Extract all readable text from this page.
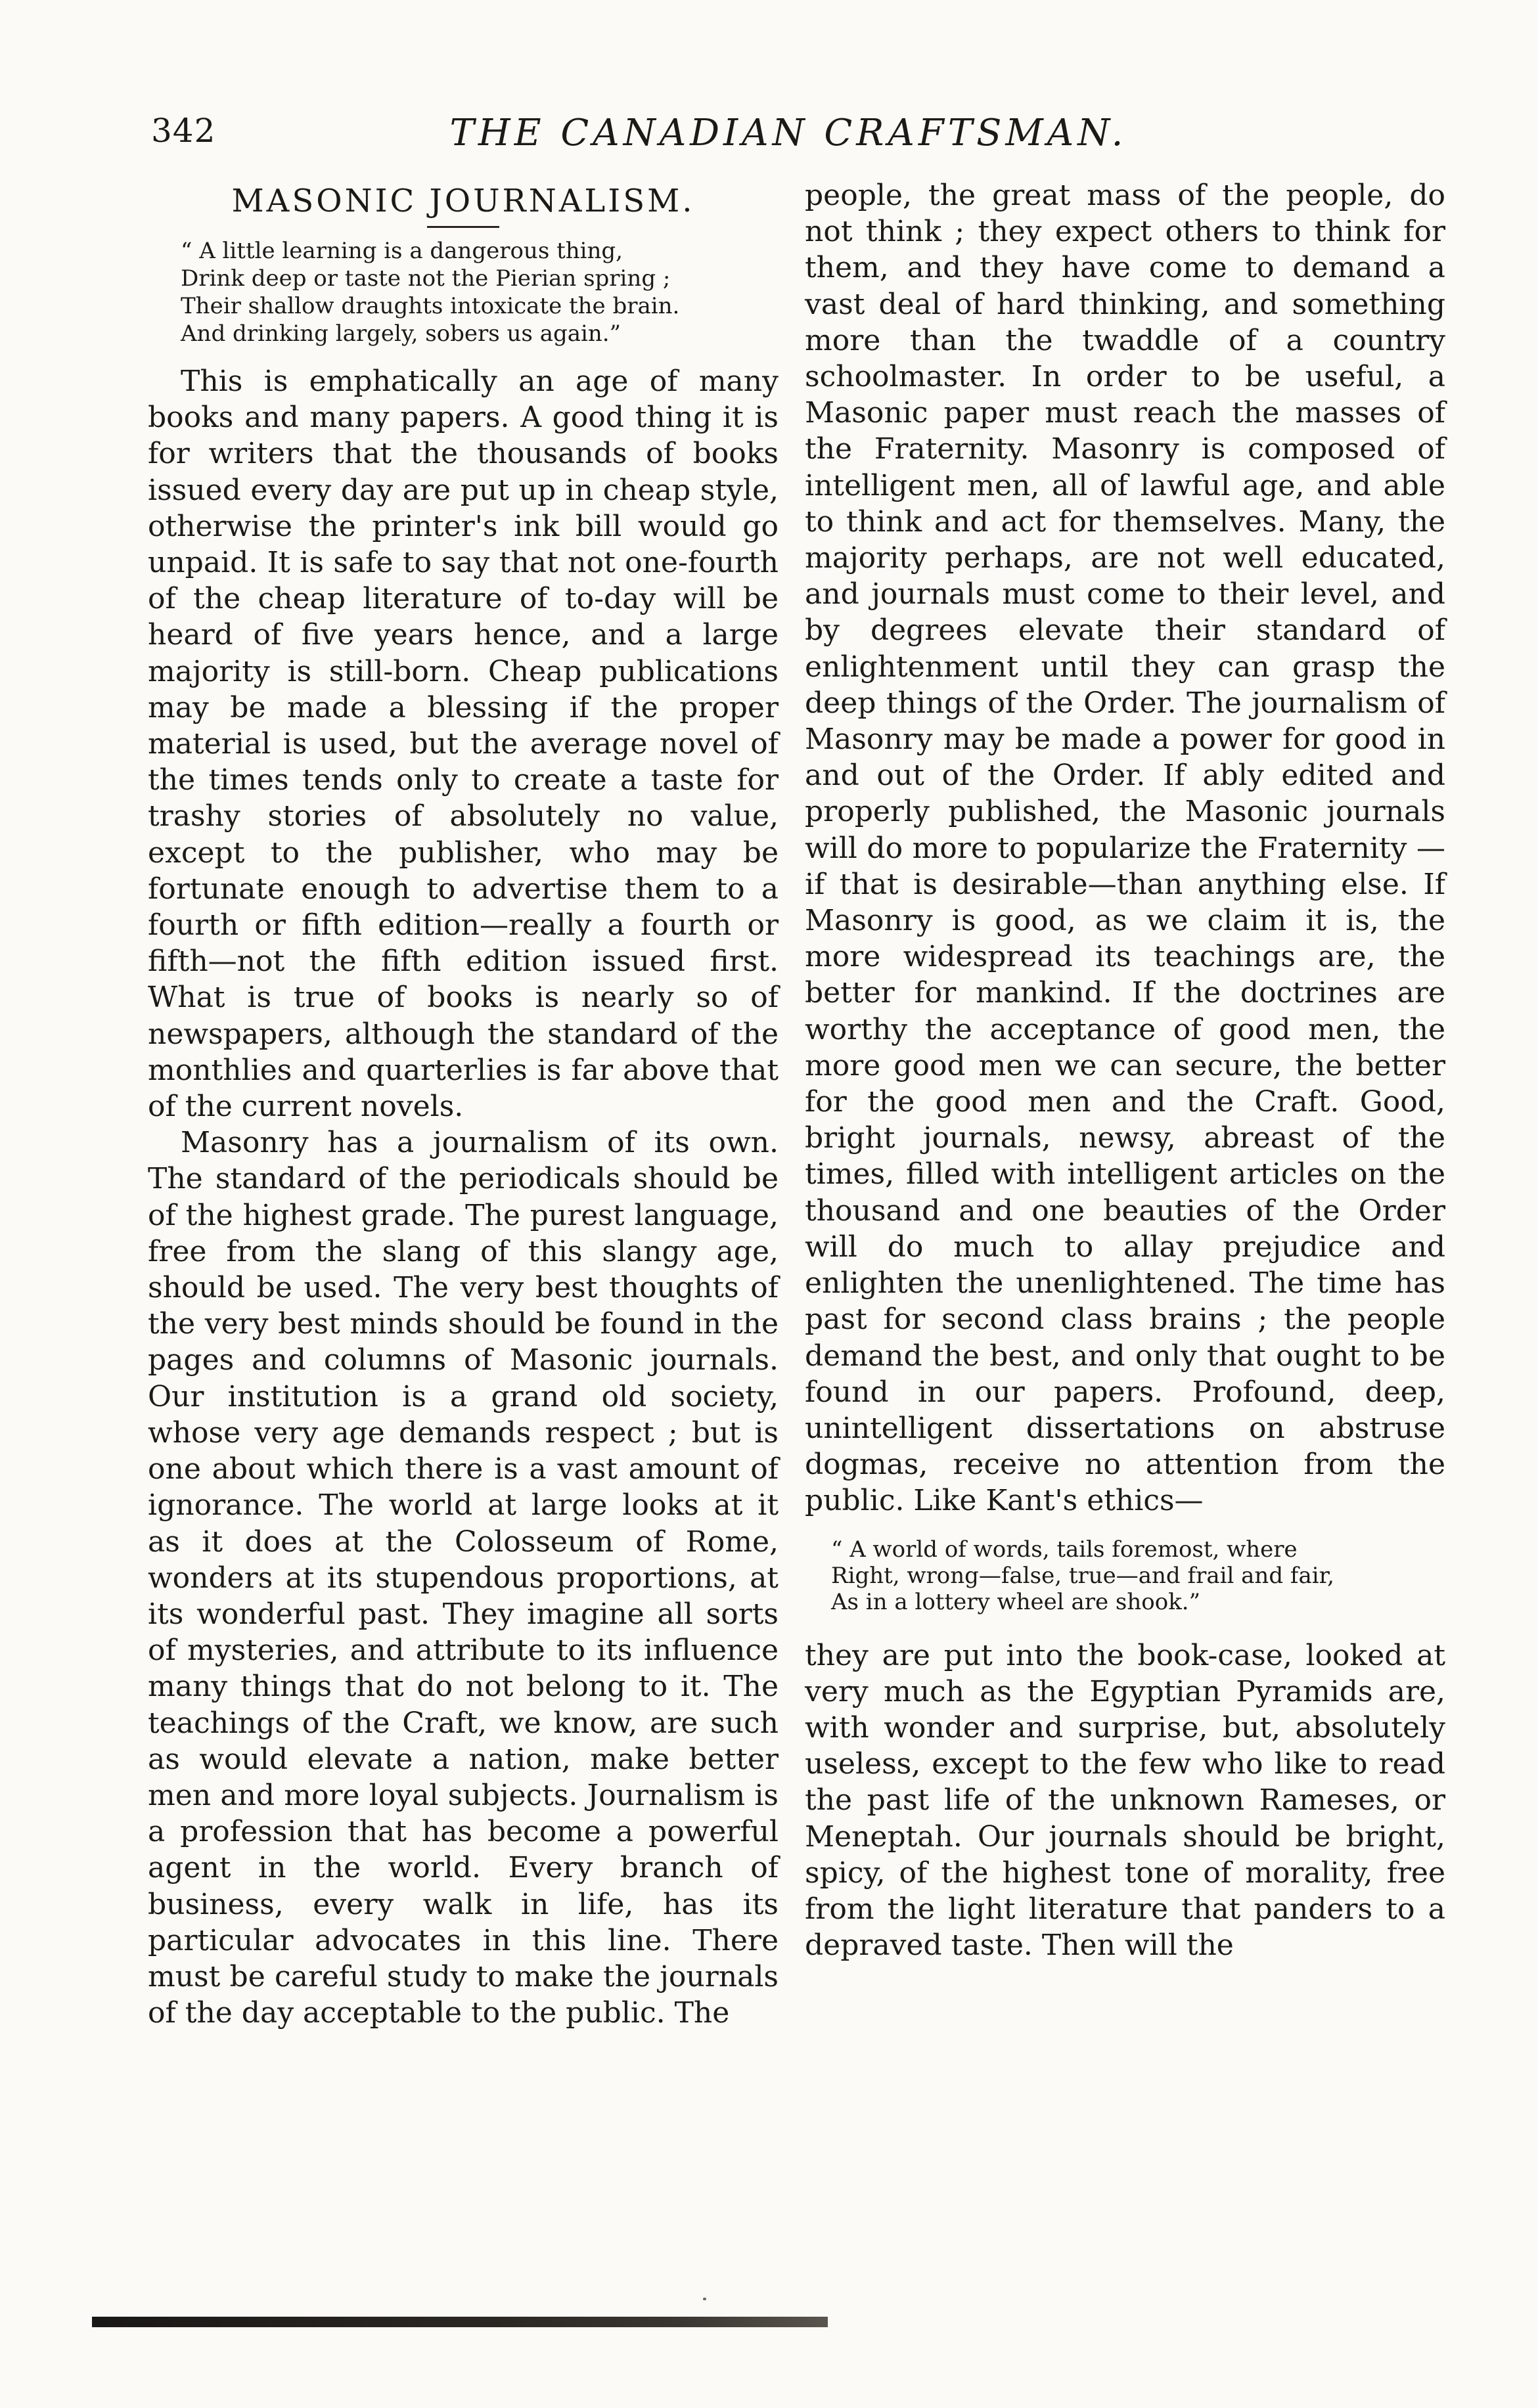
342	THE CANADIAN CRAFTSMAN.
MASONIC JOURNALISM.
“ A little learning is a dangerous thing,
Drink deep or taste not the Pierian spring ;
Their shallow draughts intoxicate the brain.
And drinking largely, sobers us again.”

This is emphatically an age of many books and many papers. A good thing it is for writers that the thousands of books issued every day are put up in cheap style, otherwise the printer's ink bill would go unpaid. It is safe to say that not one-fourth of the cheap literature of to-day will be heard of five years hence, and a large majority is still-born. Cheap publications may be made a blessing if the proper material is used, but the average novel of the times tends only to create a taste for trashy stories of absolutely no value, except to the publisher, who may be fortunate enough to advertise them to a fourth or fifth edition—really a fourth or fifth—not the fifth edition issued first. What is true of books is nearly so of newspapers, although the standard of the monthlies and quarterlies is far above that of the current novels.

Masonry has a journalism of its own. The standard of the periodicals should be of the highest grade. The purest language, free from the slang of this slangy age, should be used. The very best thoughts of the very best minds should be found in the pages and columns of Masonic journals. Our institution is a grand old society, whose very age demands respect ; but is one about which there is a vast amount of ignorance. The world at large looks at it as it does at the Colosseum of Rome, wonders at its stupendous proportions, at its wonderful past. They imagine all sorts of mysteries, and attribute to its influence many things that do not belong to it. The teachings of the Craft, we know, are such as would elevate a nation, make better men and more loyal subjects. Journalism is a profession that has become a powerful agent in the world. Every branch of business, every walk in life, has its particular advocates in this line. There must be careful study to make the journals of the day acceptable to the public. The

people, the great mass of the people, do not think ; they expect others to think for them, and they have come to demand a vast deal of hard thinking, and something more than the twaddle of a country schoolmaster. In order to be useful, a Masonic paper must reach the masses of the Fraternity. Masonry is composed of intelligent men, all of lawful age, and able to think and act for themselves. Many, the majority perhaps, are not well educated, and journals must come to their level, and by degrees elevate their standard of enlightenment until they can grasp the deep things of the Order. The journalism of Masonry may be made a power for good in and out of the Order. If ably edited and properly published, the Masonic journals will do more to popularize the Fraternity —if that is desirable—than anything else. If Masonry is good, as we claim it is, the more widespread its teachings are, the better for mankind. If the doctrines are worthy the acceptance of good men, the more good men we can secure, the better for the good men and the Craft. Good, bright journals, newsy, abreast of the times, filled with intelligent articles on the thousand and one beauties of the Order will do much to allay prejudice and enlighten the unenlightened. The time has past for second class brains ; the people demand the best, and only that ought to be found in our papers. Profound, deep, unintelligent dissertations on abstruse dogmas, receive no attention from the public. Like Kant's ethics—

“ A world of words, tails foremost, where
Right, wrong—false, true—and frail and fair,
As in a lottery wheel are shook.”

they are put into the book-case, looked at very much as the Egyptian Pyramids are, with wonder and surprise, but, absolutely useless, except to the few who like to read the past life of the unknown Rameses, or Meneptah. Our journals should be bright, spicy, of the highest tone of morality, free from the light literature that panders to a depraved taste. Then will the
